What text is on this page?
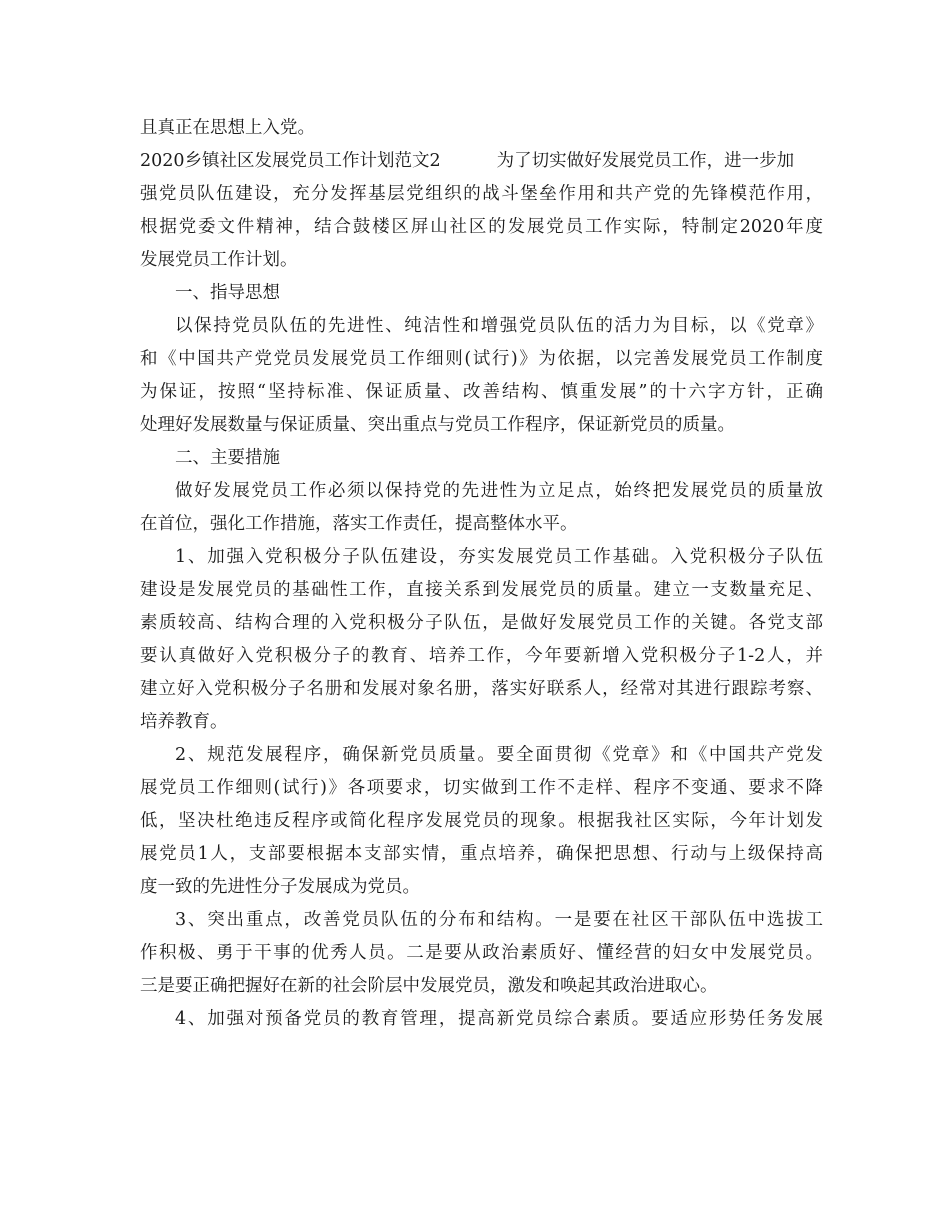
且真正在思想上入党。
2020乡镇社区发展党员工作计划范文2	为了切实做好发展党员工作，进一步加
强党员队伍建设，充分发挥基层党组织的战斗堡垒作用和共产党的先锋模范作用，
根据党委文件精神，结合鼓楼区屏山社区的发展党员工作实际，特制定2020年度
发展党员工作计划。
一、指导思想
以保持党员队伍的先进性、纯洁性和增强党员队伍的活力为目标，以《党章》
和《中国共产党党员发展党员工作细则(试行)》为依据，以完善发展党员工作制度
为保证，按照“坚持标准、保证质量、改善结构、慎重发展”的十六字方针，正确
处理好发展数量与保证质量、突出重点与党员工作程序，保证新党员的质量。
二、主要措施
做好发展党员工作必须以保持党的先进性为立足点，始终把发展党员的质量放
在首位，强化工作措施，落实工作责任，提高整体水平。
1、加强入党积极分子队伍建设，夯实发展党员工作基础。入党积极分子队伍
建设是发展党员的基础性工作，直接关系到发展党员的质量。建立一支数量充足、
素质较高、结构合理的入党积极分子队伍，是做好发展党员工作的关键。各党支部
要认真做好入党积极分子的教育、培养工作，今年要新增入党积极分子1-2人，并
建立好入党积极分子名册和发展对象名册，落实好联系人，经常对其进行跟踪考察、
培养教育。
2、规范发展程序，确保新党员质量。要全面贯彻《党章》和《中国共产党发
展党员工作细则(试行)》各项要求，切实做到工作不走样、程序不变通、要求不降
低，坚决杜绝违反程序或简化程序发展党员的现象。根据我社区实际，今年计划发
展党员1人，支部要根据本支部实情，重点培养，确保把思想、行动与上级保持高
度一致的先进性分子发展成为党员。
3、突出重点，改善党员队伍的分布和结构。一是要在社区干部队伍中选拔工
作积极、勇于干事的优秀人员。二是要从政治素质好、懂经营的妇女中发展党员。
三是要正确把握好在新的社会阶层中发展党员，激发和唤起其政治进取心。
4、加强对预备党员的教育管理，提高新党员综合素质。要适应形势任务发展
